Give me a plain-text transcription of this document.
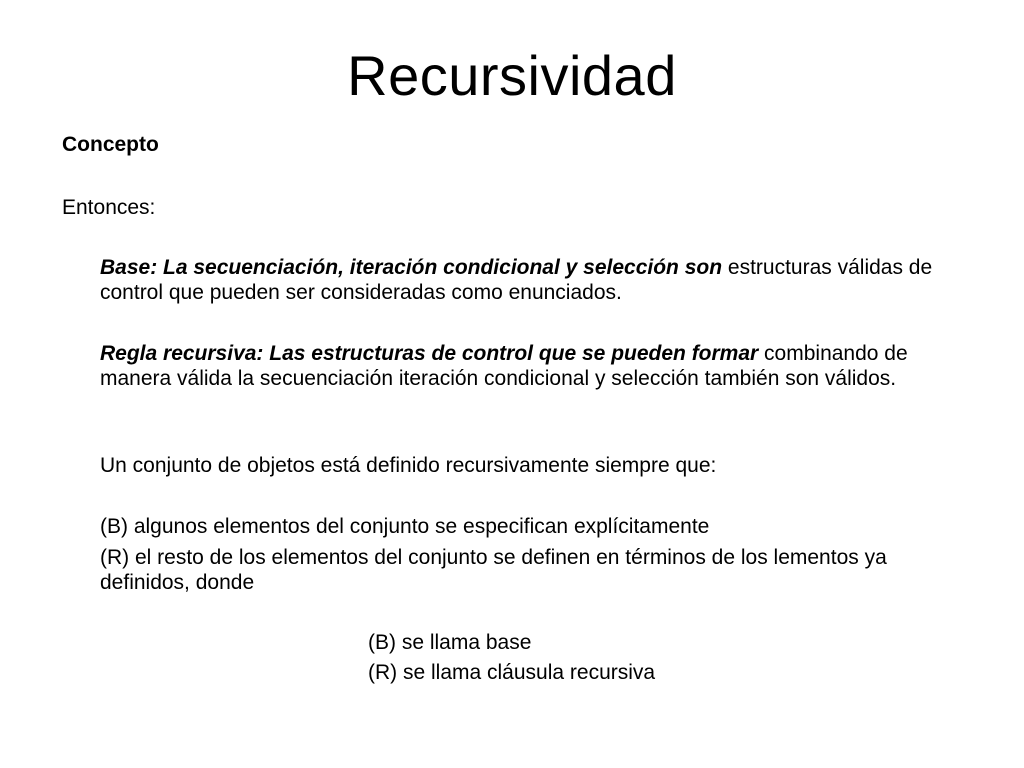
Recursividad
Concepto
Entonces:
Base: La secuenciación, iteración condicional y selección son estructuras válidas de control que pueden ser consideradas como enunciados.
Regla recursiva: Las estructuras de control que se pueden formar combinando de manera válida la secuenciación iteración condicional y selección también son válidos.
Un conjunto de objetos está definido recursivamente siempre que:
(B) algunos elementos del conjunto se especifican explícitamente
(R) el resto de los elementos del conjunto se definen en términos de los lementos ya definidos, donde
(B) se llama base
(R) se llama cláusula recursiva
